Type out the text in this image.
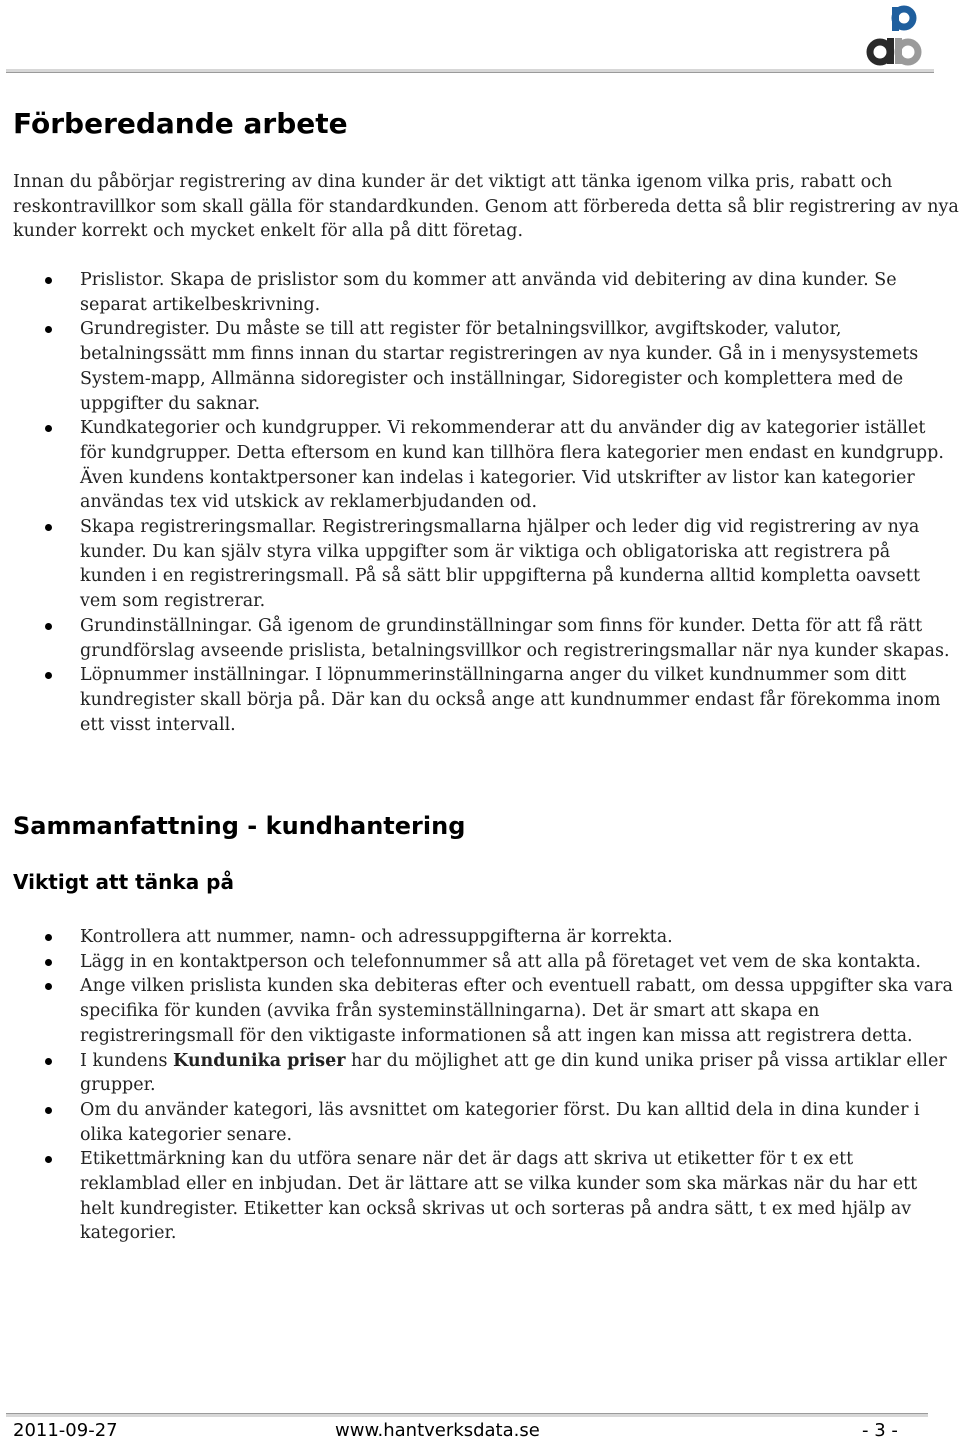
Förberedande arbete

Innan du påbörjar registrering av dina kunder är det viktigt att tänka igenom vilka pris, rabatt och reskontravillkor som skall gälla för standardkunden. Genom att förbereda detta så blir registrering av nya kunder korrekt och mycket enkelt för alla på ditt företag.

Prislistor. Skapa de prislistor som du kommer att använda vid debitering av dina kunder. Se separat artikelbeskrivning.
Grundregister. Du måste se till att register för betalningsvillkor, avgiftskoder, valutor, betalningssätt mm finns innan du startar registreringen av nya kunder. Gå in i menysystemets System-mapp, Allmänna sidoregister och inställningar, Sidoregister och komplettera med de uppgifter du saknar.
Kundkategorier och kundgrupper. Vi rekommenderar att du använder dig av kategorier istället för kundgrupper. Detta eftersom en kund kan tillhöra flera kategorier men endast en kundgrupp. Även kundens kontaktpersoner kan indelas i kategorier. Vid utskrifter av listor kan kategorier användas tex vid utskick av reklamerbjudanden od.
Skapa registreringsmallar. Registreringsmallarna hjälper och leder dig vid registrering av nya kunder. Du kan själv styra vilka uppgifter som är viktiga och obligatoriska att registrera på kunden i en registreringsmall. På så sätt blir uppgifterna på kunderna alltid kompletta oavsett vem som registrerar.
Grundinställningar. Gå igenom de grundinställningar som finns för kunder. Detta för att få rätt grundförslag avseende prislista, betalningsvillkor och registreringsmallar när nya kunder skapas.
Löpnummer inställningar. I löpnummerinställningarna anger du vilket kundnummer som ditt kundregister skall börja på. Där kan du också ange att kundnummer endast får förekomma inom ett visst intervall.
Sammanfattning - kundhantering
Viktigt att tänka på
Kontrollera att nummer, namn- och adressuppgifterna är korrekta.
Lägg in en kontaktperson och telefonnummer så att alla på företaget vet vem de ska kontakta.
Ange vilken prislista kunden ska debiteras efter och eventuell rabatt, om dessa uppgifter ska vara specifika för kunden (avvika från systeminställningarna). Det är smart att skapa en registreringsmall för den viktigaste informationen så att ingen kan missa att registrera detta.
I kundens Kundunika priser har du möjlighet att ge din kund unika priser på vissa artiklar eller grupper.
Om du använder kategori, läs avsnittet om kategorier först. Du kan alltid dela in dina kunder i olika kategorier senare.
Etikettmärkning kan du utföra senare när det är dags att skriva ut etiketter för t ex ett reklamblad eller en inbjudan. Det är lättare att se vilka kunder som ska märkas när du har ett helt kundregister. Etiketter kan också skrivas ut och sorteras på andra sätt, t ex med hjälp av kategorier.
2011-09-27	www.hantverksdata.se	- 3 -
